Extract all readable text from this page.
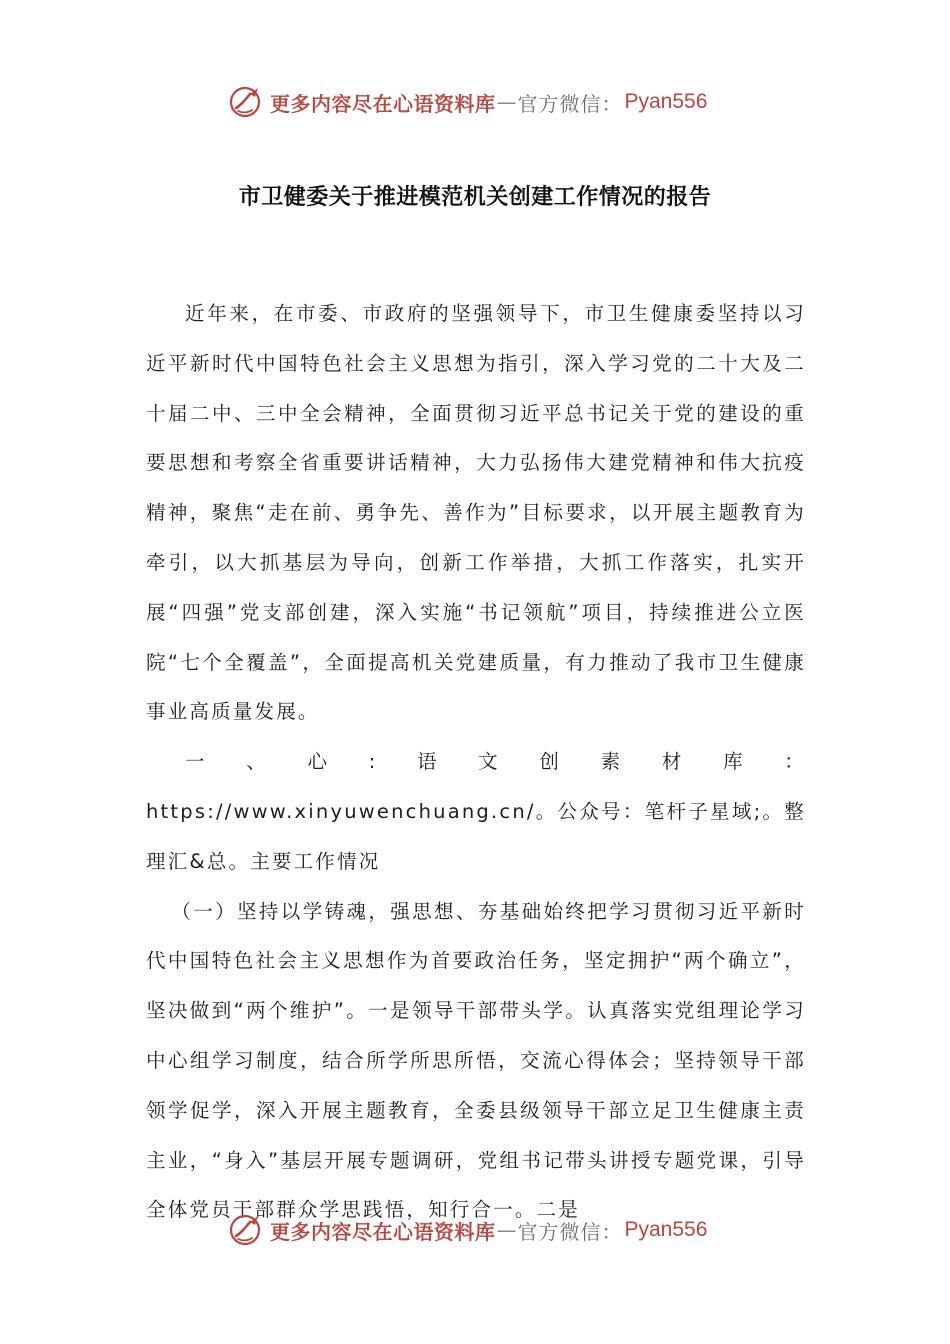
更多内容尽在心语资料库 — 官方微信： Pyan556
市卫健委关于推进模范机关创建工作情况的报告

近年来，在市委、市政府的坚强领导下，市卫生健康委坚持以习近平新时代中国特色社会主义思想为指引，深入学习党的二十大及二十届二中、三中全会精神，全面贯彻习近平总书记关于党的建设的重要思想和考察全省重要讲话精神，大力弘扬伟大建党精神和伟大抗疫精神，聚焦“走在前、勇争先、善作为”目标要求，以开展主题教育为牵引，以大抓基层为导向，创新工作举措，大抓工作落实，扎实开展“四强”党支部创建，深入实施“书记领航”项目，持续推进公立医院“七个全覆盖”，全面提高机关党建质量，有力推动了我市卫生健康事业高质量发展。

一、心:语文创素材库：https://www.xinyuwenchuang.cn/。公众号：笔杆子星域;。整理汇&总。主要工作情况

（一）坚持以学铸魂，强思想、夯基础始终把学习贯彻习近平新时代中国特色社会主义思想作为首要政治任务，坚定拥护“两个确立”，坚决做到“两个维护”。一是领导干部带头学。认真落实党组理论学习中心组学习制度，结合所学所思所悟，交流心得体会；坚持领导干部领学促学，深入开展主题教育，全委县级领导干部立足卫生健康主责主业，“身入”基层开展专题调研，党组书记带头讲授专题党课，引导全体党员干部群众学思践悟，知行合一。二是

更多内容尽在心语资料库 — 官方微信： Pyan556
